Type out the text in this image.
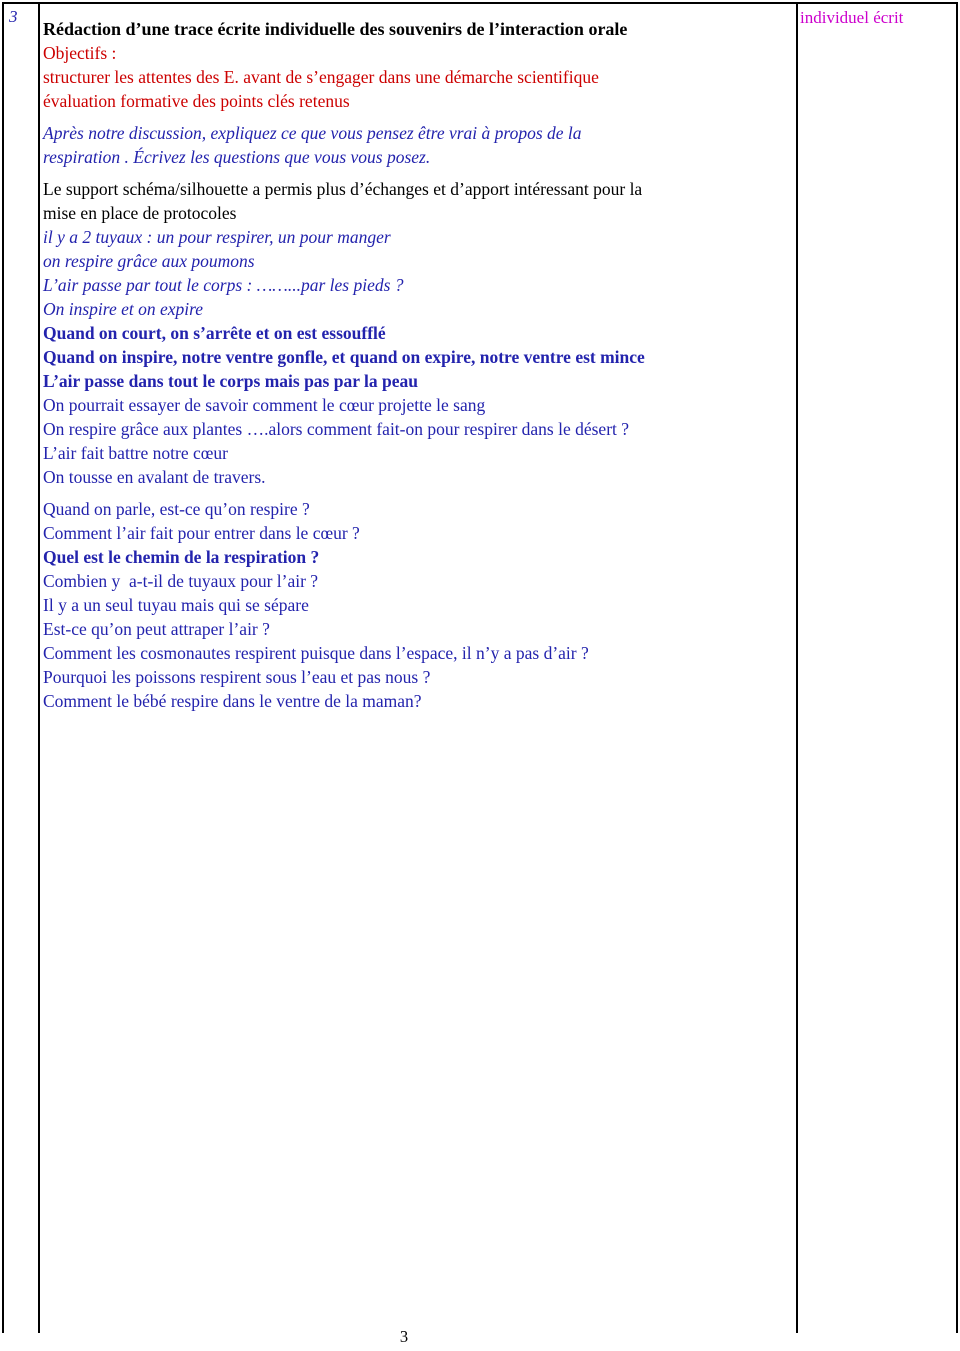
3
Rédaction d’une trace écrite individuelle des souvenirs de l’interaction orale
Objectifs :
structurer les attentes des E. avant de s’engager dans une démarche scientifique
évaluation formative des points clés retenus
Après notre discussion, expliquez ce que vous pensez être vrai à propos de la
respiration . Écrivez les questions que vous vous posez.
Le support schéma/silhouette a permis plus d’échanges et d’apport intéressant pour la
mise en place de protocoles
il y a 2 tuyaux : un pour respirer, un pour manger
on respire grâce aux poumons
L’air passe par tout le corps : ……...par les pieds ?
On inspire et on expire
Quand on court, on s’arrête et on est essoufflé
Quand on inspire, notre ventre gonfle, et quand on expire, notre ventre est mince
L’air passe dans tout le corps mais pas par la peau
On pourrait essayer de savoir comment le cœur projette le sang
On respire grâce aux plantes ….alors comment fait-on pour respirer dans le désert ?
L’air fait battre notre cœur
On tousse en avalant de travers.
Quand on parle, est-ce qu’on respire ?
Comment l’air fait pour entrer dans le cœur ?
Quel est le chemin de la respiration ?
Combien y  a-t-il de tuyaux pour l’air ?
Il y a un seul tuyau mais qui se sépare
Est-ce qu’on peut attraper l’air ?
Comment les cosmonautes respirent puisque dans l’espace, il n’y a pas d’air ?
Pourquoi les poissons respirent sous l’eau et pas nous ?
Comment le bébé respire dans le ventre de la maman?
individuel écrit
3
